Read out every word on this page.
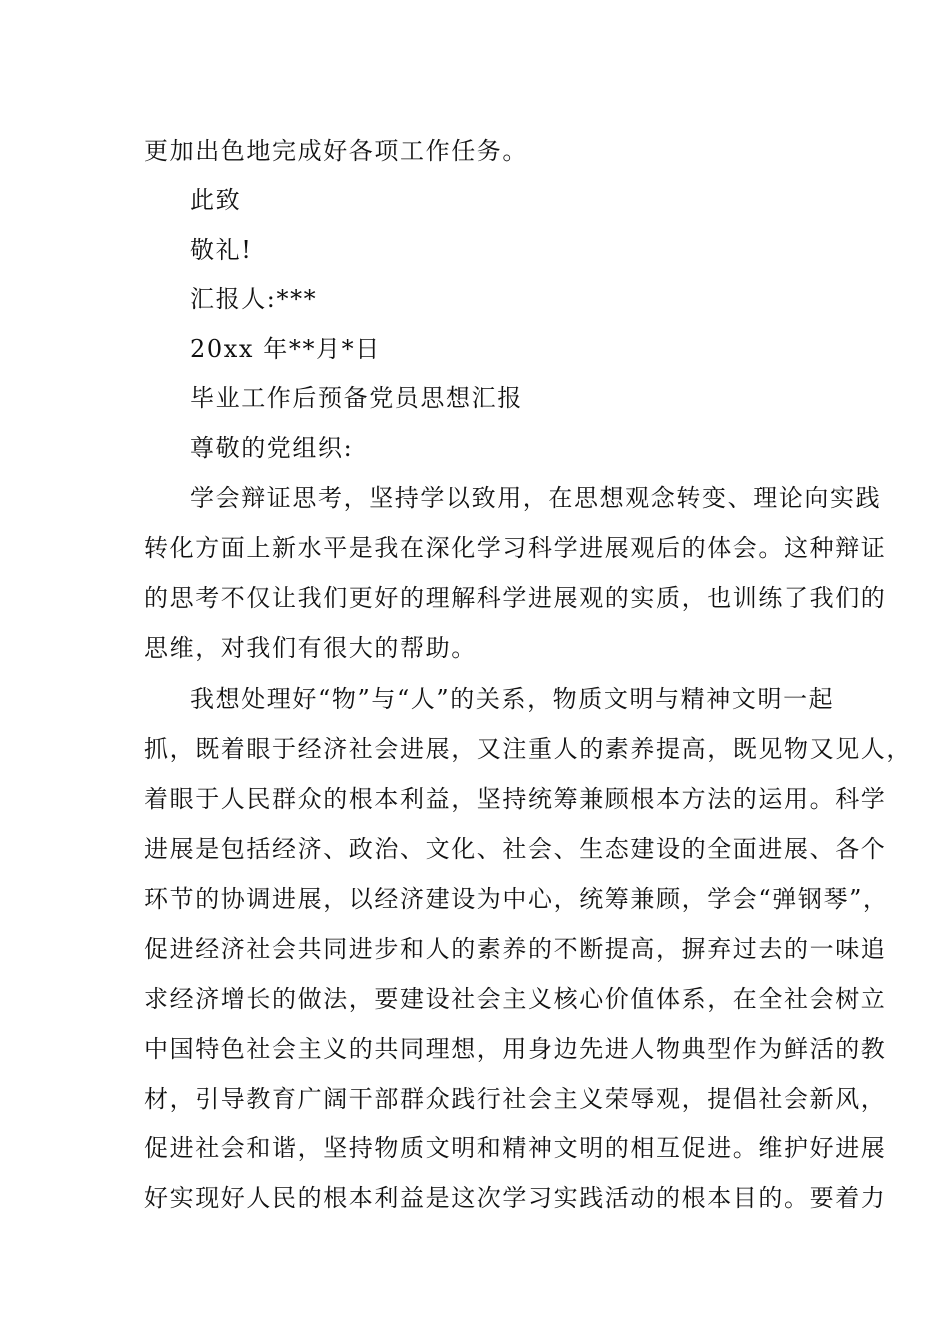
更加出色地完成好各项工作任务。
此致
敬礼!
汇报人:***
20xx 年**月*日
毕业工作后预备党员思想汇报
尊敬的党组织:
学会辩证思考，坚持学以致用，在思想观念转变、理论向实践
转化方面上新水平是我在深化学习科学进展观后的体会。这种辩证
的思考不仅让我们更好的理解科学进展观的实质，也训练了我们的
思维，对我们有很大的帮助。
我想处理好“物”与“人”的关系，物质文明与精神文明一起
抓，既着眼于经济社会进展，又注重人的素养提高，既见物又见人，
着眼于人民群众的根本利益，坚持统筹兼顾根本方法的运用。科学
进展是包括经济、政治、文化、社会、生态建设的全面进展、各个
环节的协调进展，以经济建设为中心，统筹兼顾，学会“弹钢琴”，
促进经济社会共同进步和人的素养的不断提高，摒弃过去的一味追
求经济增长的做法，要建设社会主义核心价值体系，在全社会树立
中国特色社会主义的共同理想，用身边先进人物典型作为鲜活的教
材，引导教育广阔干部群众践行社会主义荣辱观，提倡社会新风，
促进社会和谐，坚持物质文明和精神文明的相互促进。维护好进展
好实现好人民的根本利益是这次学习实践活动的根本目的。要着力
